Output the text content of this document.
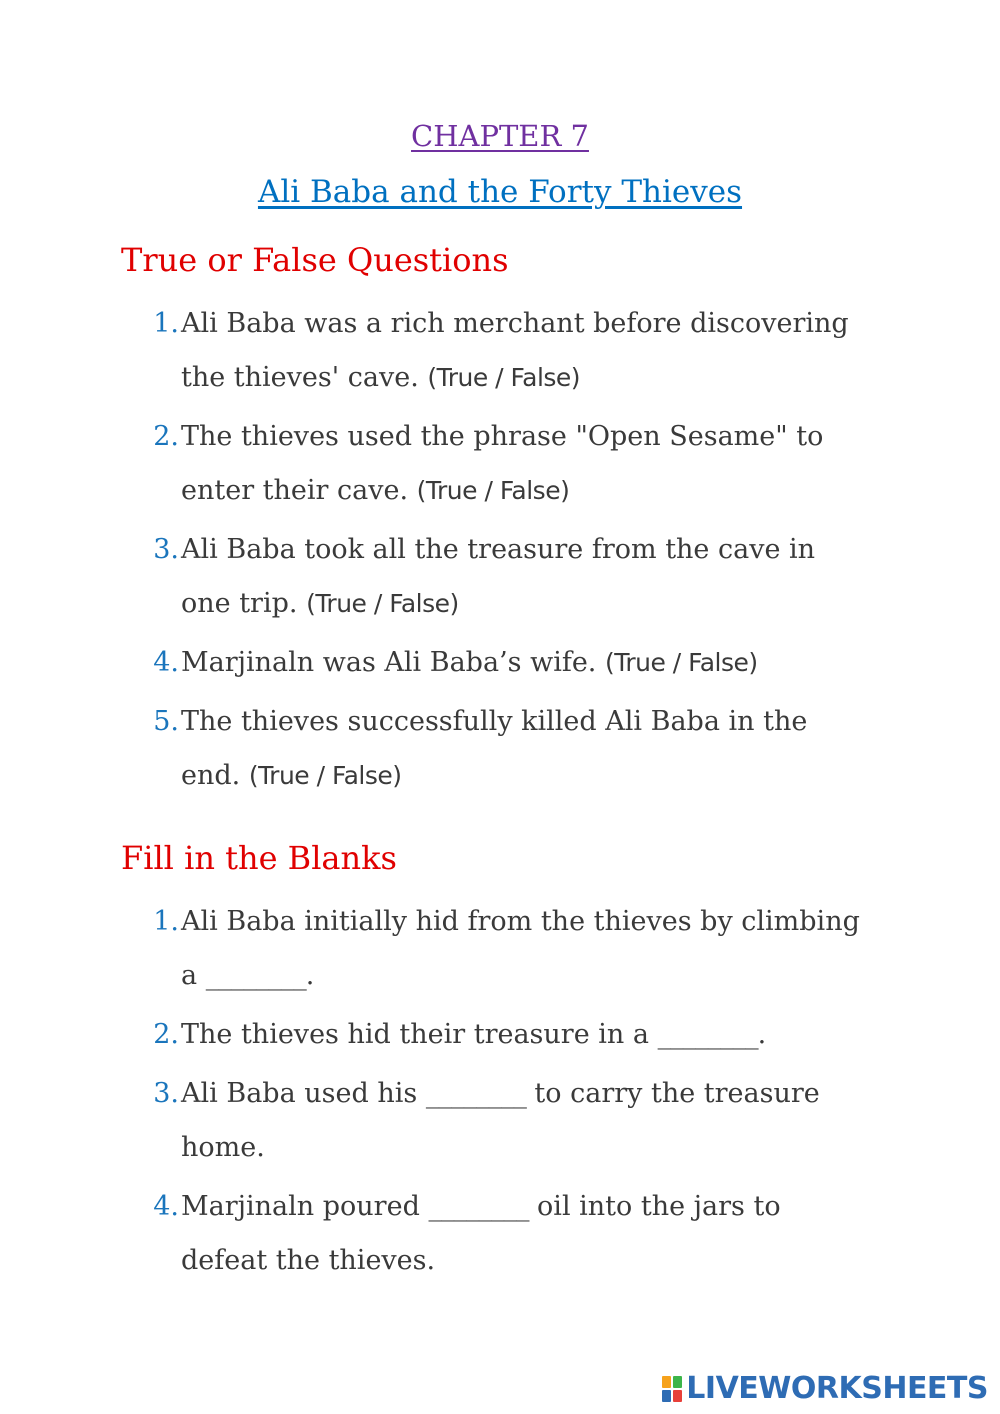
CHAPTER 7
Ali Baba and the Forty Thieves
True or False Questions
1. Ali Baba was a rich merchant before discovering the thieves' cave. (True / False)
2. The thieves used the phrase "Open Sesame" to enter their cave. (True / False)
3. Ali Baba took all the treasure from the cave in one trip. (True / False)
4. Marjinaln was Ali Baba’s wife. (True / False)
5. The thieves successfully killed Ali Baba in the end. (True / False)
Fill in the Blanks
1. Ali Baba initially hid from the thieves by climbing a ________.
2. The thieves hid their treasure in a ________.
3. Ali Baba used his ________ to carry the treasure home.
4. Marjinaln poured ________ oil into the jars to defeat the thieves.
LIVEWORKSHEETS
